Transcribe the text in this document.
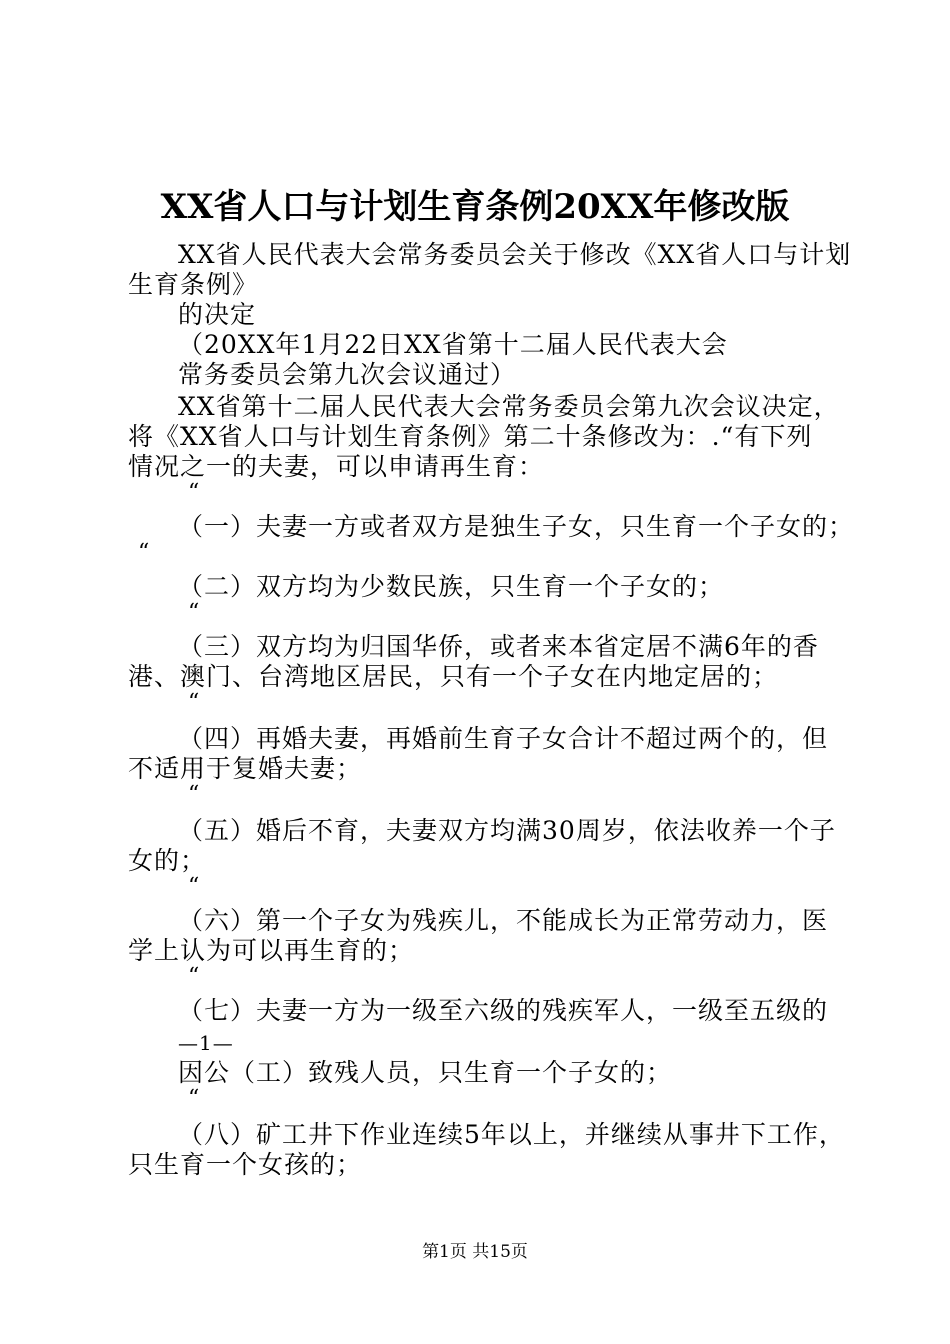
XX省人口与计划生育条例20XX年修改版
XX省人民代表大会常务委员会关于修改《XX省人口与计划
生育条例》
的决定
（20XX年1月22日XX省第十二届人民代表大会
常务委员会第九次会议通过）
XX省第十二届人民代表大会常务委员会第九次会议决定，
将《XX省人口与计划生育条例》第二十条修改为：.“有下列
情况之一的夫妻，可以申请再生育：
“
（一）夫妻一方或者双方是独生子女，只生育一个子女的；
“
（二）双方均为少数民族，只生育一个子女的；
“
（三）双方均为归国华侨，或者来本省定居不满6年的香
港、澳门、台湾地区居民，只有一个子女在内地定居的；
“
（四）再婚夫妻，再婚前生育子女合计不超过两个的，但
不适用于复婚夫妻；
“
（五）婚后不育，夫妻双方均满30周岁，依法收养一个子
女的；
“
（六）第一个子女为残疾儿，不能成长为正常劳动力，医
学上认为可以再生育的；
“
（七）夫妻一方为一级至六级的残疾军人，一级至五级的
—1—
因公（工）致残人员，只生育一个子女的；
“
（八）矿工井下作业连续5年以上，并继续从事井下工作，
只生育一个女孩的；
第1页 共15页
